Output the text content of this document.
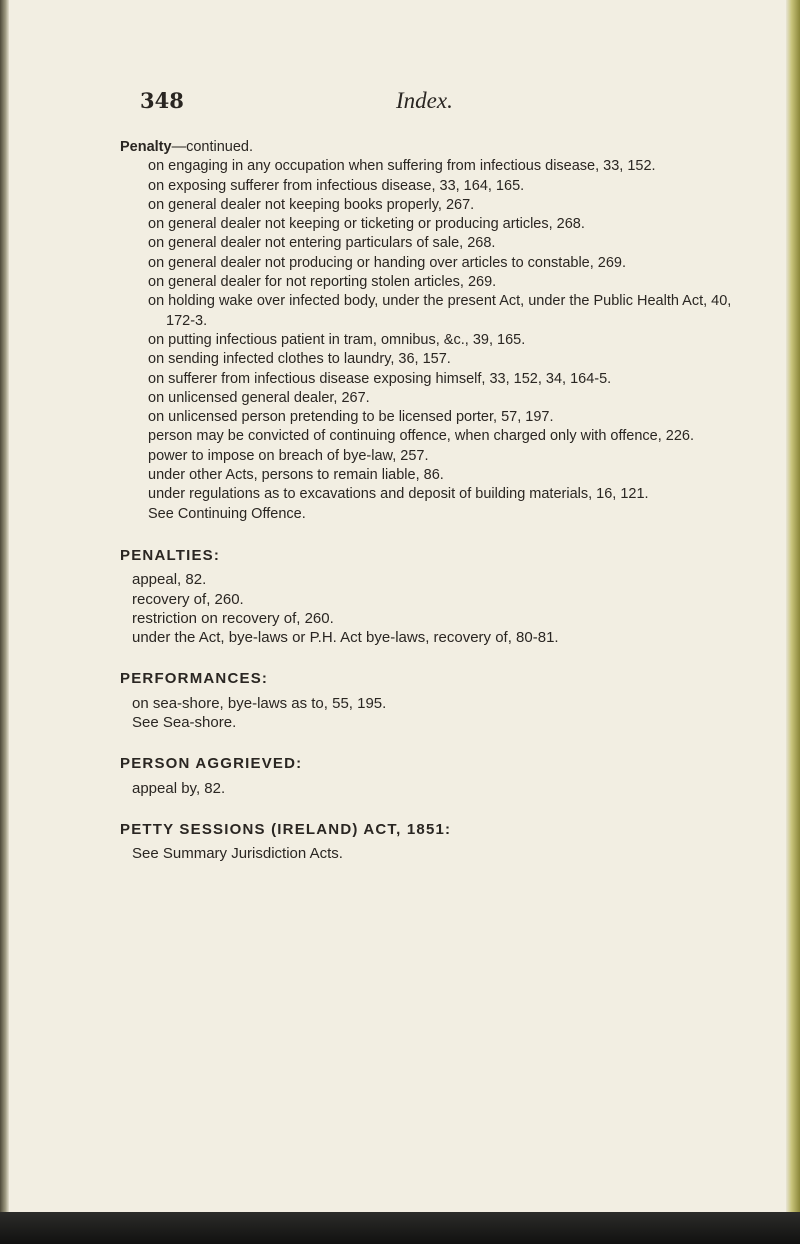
348	Index.

Penalty—continued.

on engaging in any occupation when suffering from infectious disease, 33, 152.

on exposing sufferer from infectious disease, 33, 164, 165.

on general dealer not keeping books properly, 267.

on general dealer not keeping or ticketing or producing articles, 268.

on general dealer not entering particulars of sale, 268.

on general dealer not producing or handing over articles to constable, 269.

on general dealer for not reporting stolen articles, 269.

on holding wake over infected body, under the present Act, under the Public Health Act, 40, 172-3.

on putting infectious patient in tram, omnibus, &c., 39, 165.

on sending infected clothes to laundry, 36, 157.

on sufferer from infectious disease exposing himself, 33, 152, 34, 164-5.

on unlicensed general dealer, 267.

on unlicensed person pretending to be licensed porter, 57, 197.

person may be convicted of continuing offence, when charged only with offence, 226.

power to impose on breach of bye-law, 257.

under other Acts, persons to remain liable, 86.

under regulations as to excavations and deposit of building materials, 16, 121.

See Continuing Offence.

PENALTIES:

appeal, 82.

recovery of, 260.

restriction on recovery of, 260.

under the Act, bye-laws or P.H. Act bye-laws, recovery of, 80-81.

PERFORMANCES:

on sea-shore, bye-laws as to, 55, 195.

See Sea-shore.

PERSON AGGRIEVED:

appeal by, 82.

PETTY SESSIONS (IRELAND) ACT, 1851:

See Summary Jurisdiction Acts.
